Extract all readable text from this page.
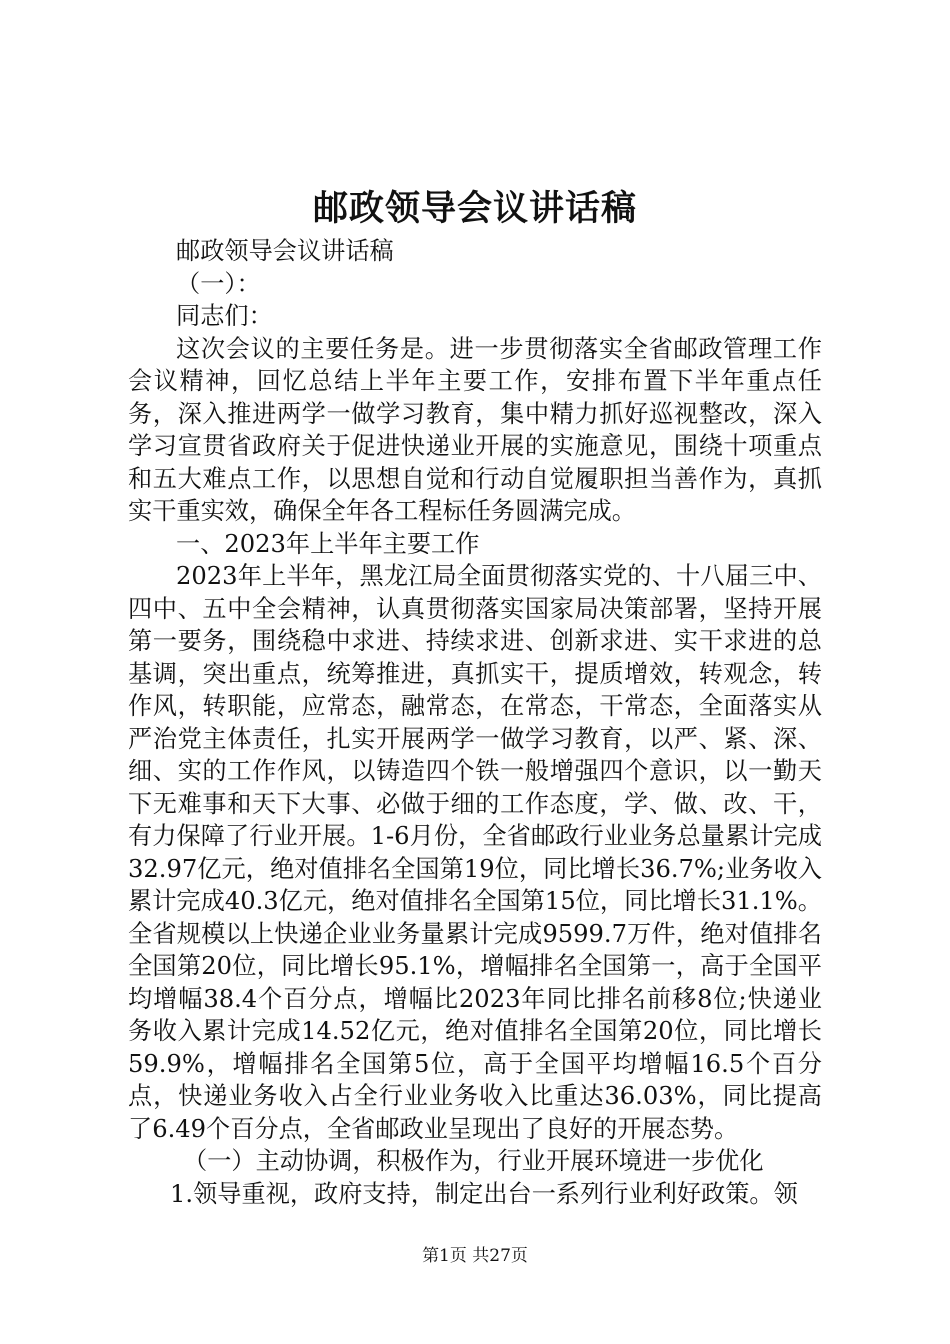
邮政领导会议讲话稿

邮政领导会议讲话稿

（一）：

同志们：

这次会议的主要任务是。进一步贯彻落实全省邮政管理工作会议精神，回忆总结上半年主要工作，安排布置下半年重点任务，深入推进两学一做学习教育，集中精力抓好巡视整改，深入学习宣贯省政府关于促进快递业开展的实施意见，围绕十项重点和五大难点工作，以思想自觉和行动自觉履职担当善作为，真抓实干重实效，确保全年各工程标任务圆满完成。

一、2023年上半年主要工作

2023年上半年，黑龙江局全面贯彻落实党的、十八届三中、四中、五中全会精神，认真贯彻落实国家局决策部署，坚持开展第一要务，围绕稳中求进、持续求进、创新求进、实干求进的总基调，突出重点，统筹推进，真抓实干，提质增效，转观念，转作风，转职能，应常态，融常态，在常态，干常态，全面落实从严治党主体责任，扎实开展两学一做学习教育，以严、紧、深、细、实的工作作风，以铸造四个铁一般增强四个意识，以一勤天下无难事和天下大事、必做于细的工作态度，学、做、改、干，有力保障了行业开展。1-6月份，全省邮政行业业务总量累计完成32.97亿元，绝对值排名全国第19位，同比增长36.7%;业务收入累计完成40.3亿元，绝对值排名全国第15位，同比增长31.1%。全省规模以上快递企业业务量累计完成9599.7万件，绝对值排名全国第20位，同比增长95.1%，增幅排名全国第一，高于全国平均增幅38.4个百分点，增幅比2023年同比排名前移8位;快递业务收入累计完成14.52亿元，绝对值排名全国第20位，同比增长59.9%，增幅排名全国第5位，高于全国平均增幅16.5个百分点，快递业务收入占全行业业务收入比重达36.03%，同比提高了6.49个百分点，全省邮政业呈现出了良好的开展态势。

（一）主动协调，积极作为，行业开展环境进一步优化

1.领导重视，政府支持，制定出台一系列行业利好政策。领

第1页 共27页
